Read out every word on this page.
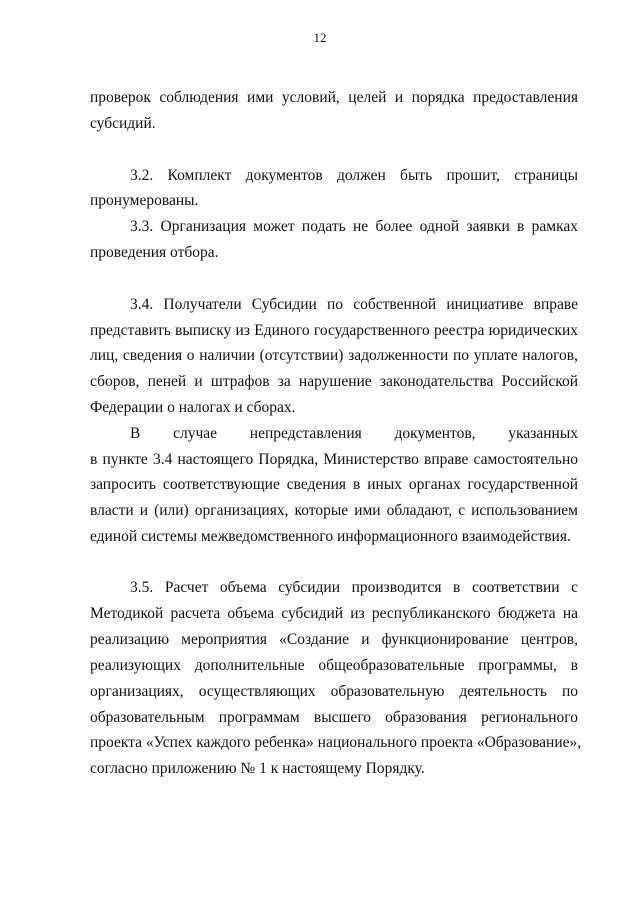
12
проверок соблюдения ими условий, целей и порядка предоставления
субсидий.
3.2. Комплект документов должен быть прошит, страницы
пронумерованы.
3.3. Организация может подать не более одной заявки в рамках
проведения отбора.
3.4. Получатели Субсидии по собственной инициативе вправе
представить выписку из Единого государственного реестра юридических
лиц, сведения о наличии (отсутствии) задолженности по уплате налогов,
сборов, пеней и штрафов за нарушение законодательства Российской
Федерации о налогах и сборах.
В случае непредставления документов, указанных
в пункте 3.4 настоящего Порядка, Министерство вправе самостоятельно
запросить соответствующие сведения в иных органах государственной
власти и (или) организациях, которые ими обладают, с использованием
единой системы межведомственного информационного взаимодействия.
3.5. Расчет объема субсидии производится в соответствии с
Методикой расчета объема субсидий из республиканского бюджета на
реализацию мероприятия «Создание и функционирование центров,
реализующих дополнительные общеобразовательные программы, в
организациях, осуществляющих образовательную деятельность по
образовательным программам высшего образования регионального
проекта «Успех каждого ребенка» национального проекта «Образование»,
согласно приложению № 1 к настоящему Порядку.
